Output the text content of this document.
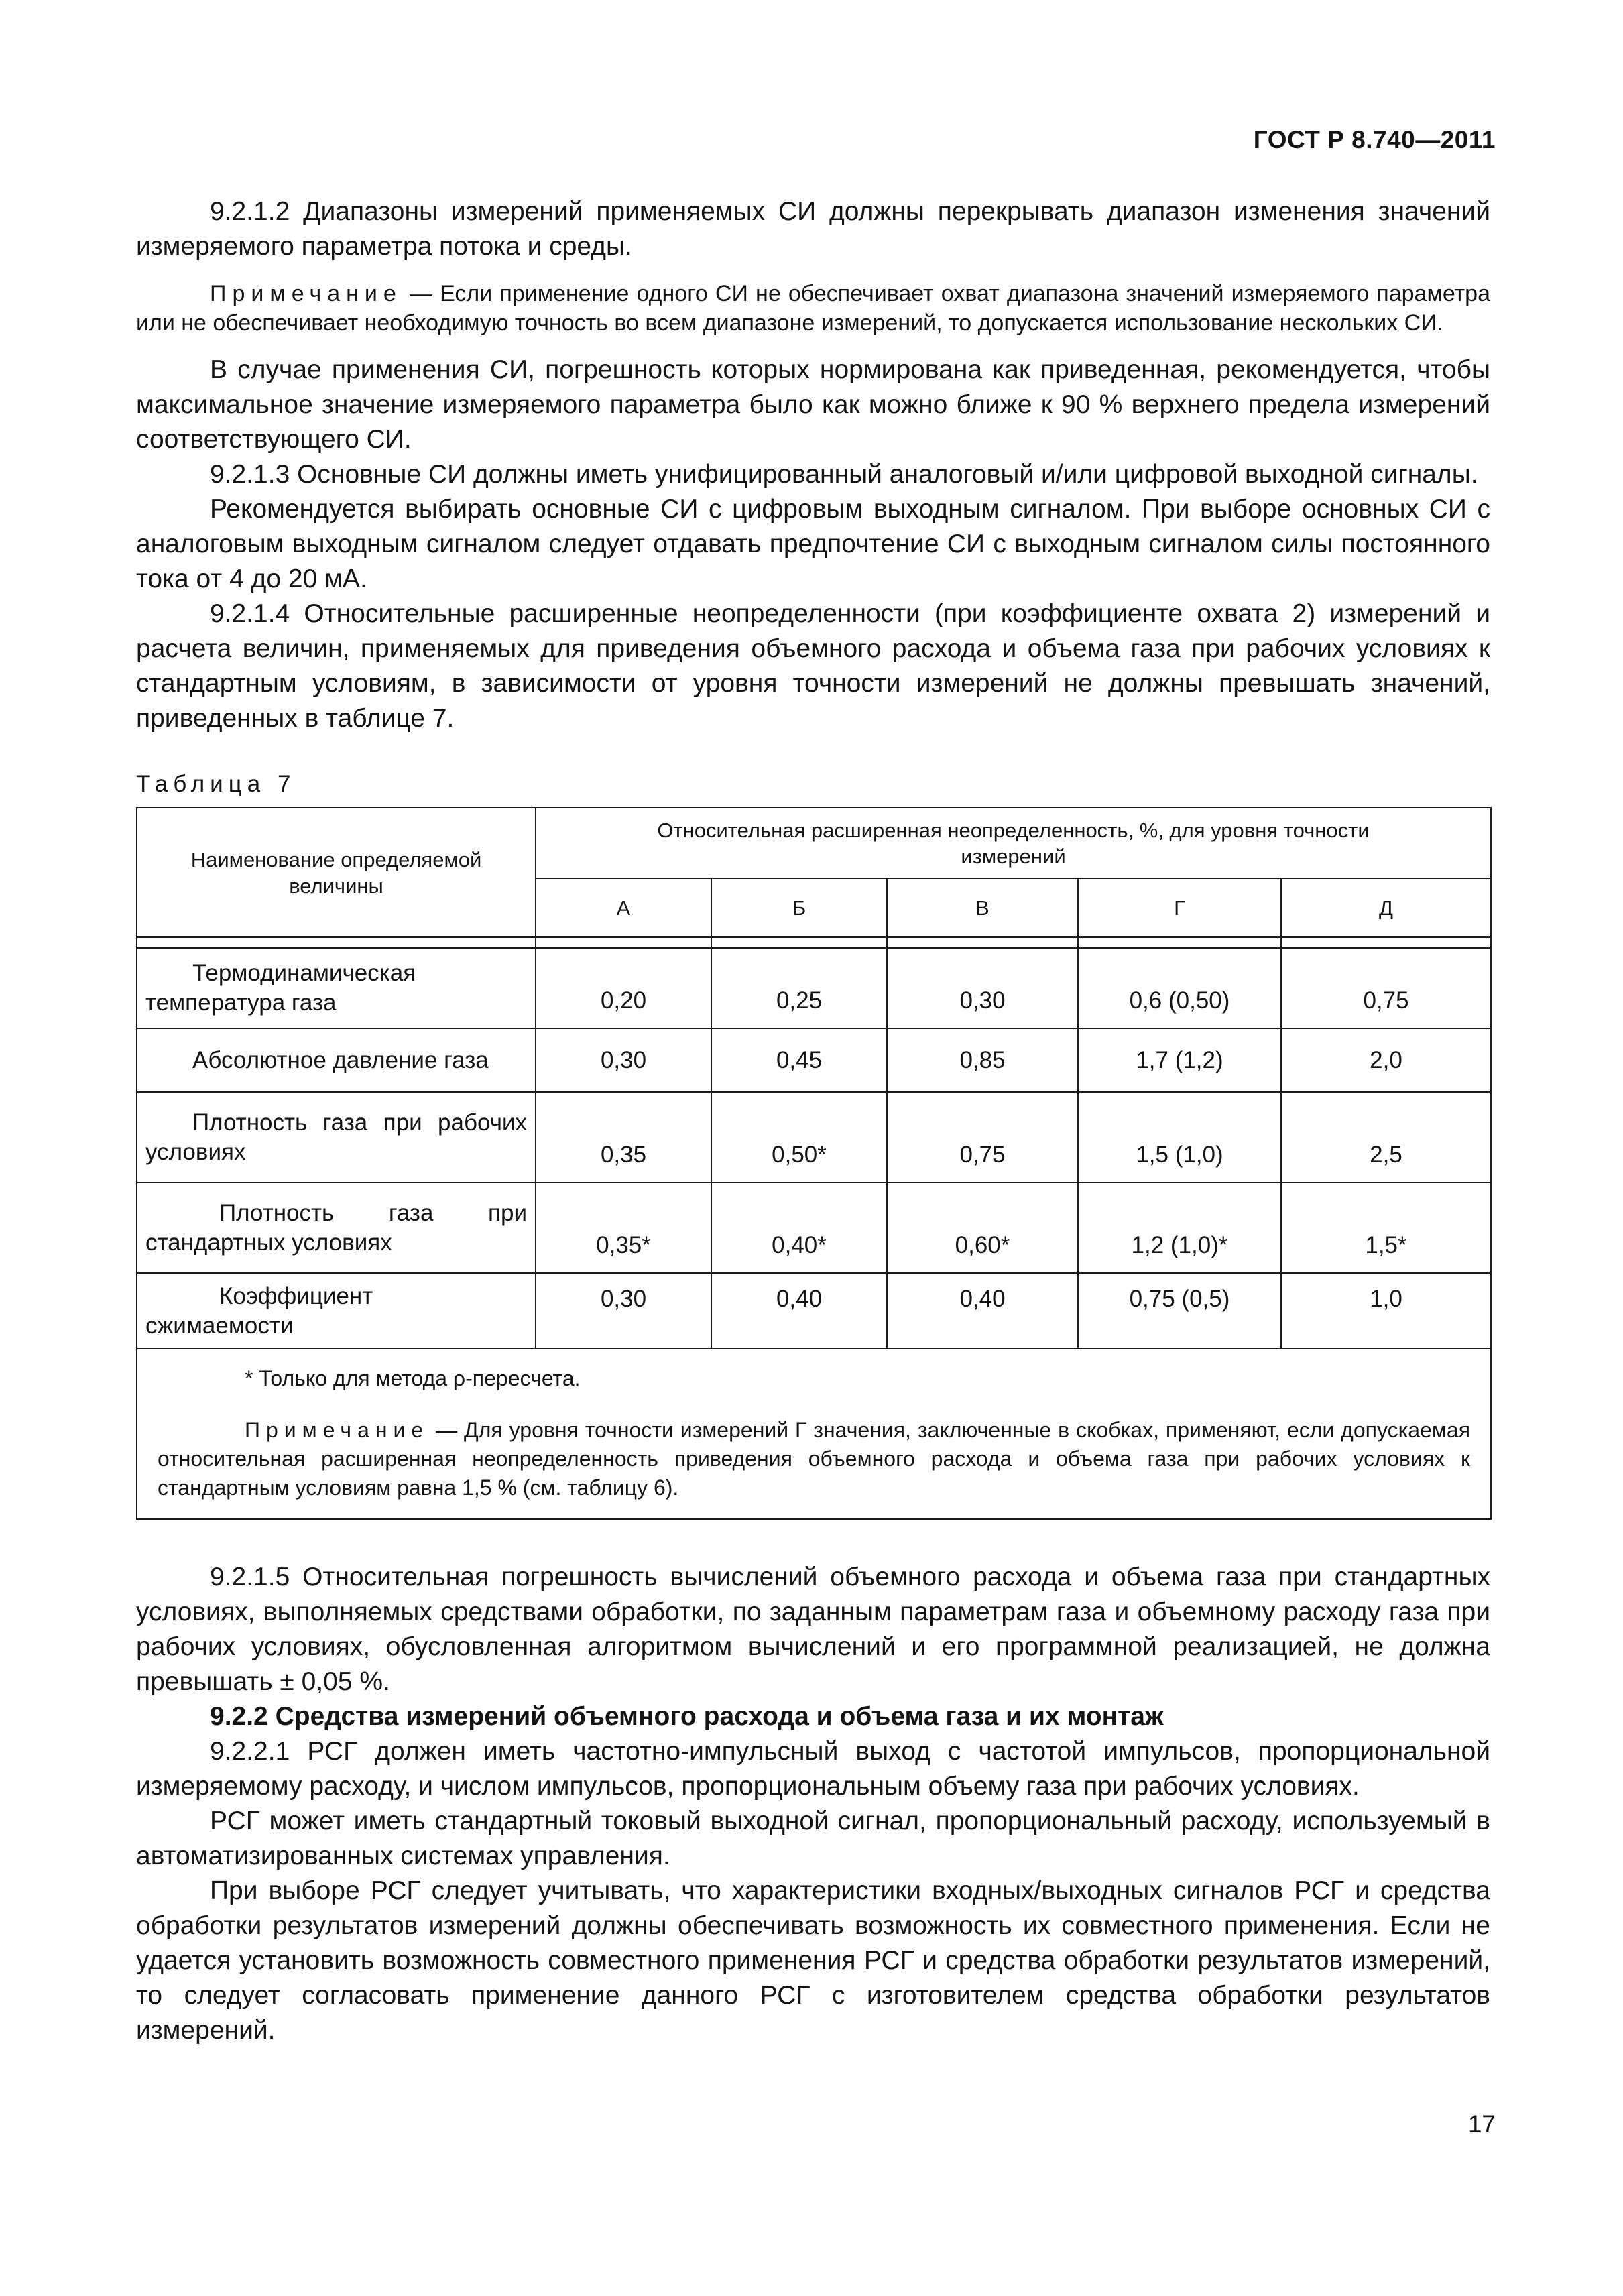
ГОСТ Р 8.740—2011

9.2.1.2 Диапазоны измерений применяемых СИ должны перекрывать диапазон изменения значений измеряемого параметра потока и среды.

Примечание — Если применение одного СИ не обеспечивает охват диапазона значений измеряемого параметра или не обеспечивает необходимую точность во всем диапазоне измерений, то допускается использование нескольких СИ.

В случае применения СИ, погрешность которых нормирована как приведенная, рекомендуется, чтобы максимальное значение измеряемого параметра было как можно ближе к 90 % верхнего предела измерений соответствующего СИ.

9.2.1.3 Основные СИ должны иметь унифицированный аналоговый и/или цифровой выходной сигналы.

Рекомендуется выбирать основные СИ с цифровым выходным сигналом. При выборе основных СИ с аналоговым выходным сигналом следует отдавать предпочтение СИ с выходным сигналом силы постоянного тока от 4 до 20 мА.

9.2.1.4 Относительные расширенные неопределенности (при коэффициенте охвата 2) измерений и расчета величин, применяемых для приведения объемного расхода и объема газа при рабочих условиях к стандартным условиям, в зависимости от уровня точности измерений не должны превышать значений, приведенных в таблице 7.

Таблица 7
Наименование определяемой величины	Относительная расширенная неопределенность, %, для уровня точности измерений				
	А	Б	В	Г	Д

Термодинамическая температура газа	0,20	0,25	0,30	0,6 (0,50)	0,75
Абсолютное давление газа	0,30	0,45	0,85	1,7 (1,2)	2,0
Плотность газа при рабочих условиях	0,35	0,50*	0,75	1,5 (1,0)	2,5
Плотность газа при стандартных условиях	0,35*	0,40*	0,60*	1,2 (1,0)*	1,5*
Коэффициент сжимаемости	0,30	0,40	0,40	0,75 (0,5)	1,0

* Только для метода ρ-пересчета.
Примечание — Для уровня точности измерений Г значения, заключенные в скобках, применяют, если допускаемая относительная расширенная неопределенность приведения объемного расхода и объема газа при рабочих условиях к стандартным условиям равна 1,5 % (см. таблицу 6).					

9.2.1.5 Относительная погрешность вычислений объемного расхода и объема газа при стандартных условиях, выполняемых средствами обработки, по заданным параметрам газа и объемному расходу газа при рабочих условиях, обусловленная алгоритмом вычислений и его программной реализацией, не должна превышать ± 0,05 %.

9.2.2 Средства измерений объемного расхода и объема газа и их монтаж

9.2.2.1 РСГ должен иметь частотно-импульсный выход с частотой импульсов, пропорциональной измеряемому расходу, и числом импульсов, пропорциональным объему газа при рабочих условиях.

РСГ может иметь стандартный токовый выходной сигнал, пропорциональный расходу, используемый в автоматизированных системах управления.

При выборе РСГ следует учитывать, что характеристики входных/выходных сигналов РСГ и средства обработки результатов измерений должны обеспечивать возможность их совместного применения. Если не удается установить возможность совместного применения РСГ и средства обработки результатов измерений, то следует согласовать применение данного РСГ с изготовителем средства обработки результатов измерений.

17
